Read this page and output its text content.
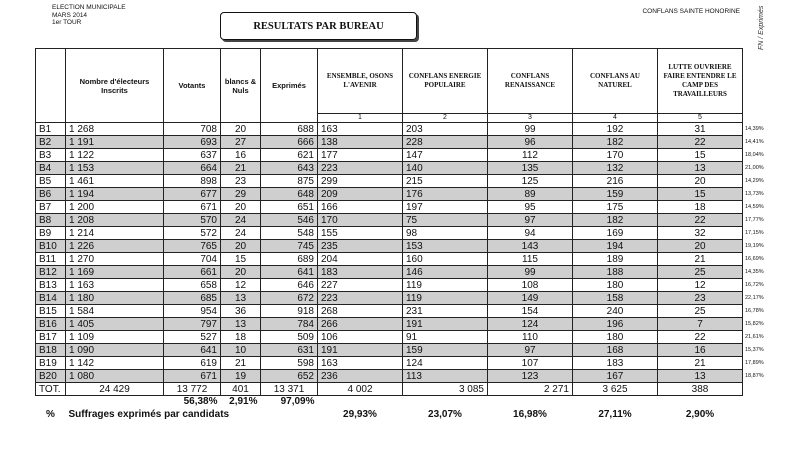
ELECTION MUNICIPALE
MARS 2014
1er TOUR
CONFLANS SAINTE HONORINE
RESULTATS PAR BUREAU	FN / Exprimés
	Nombre d'électeurs Inscrits	Votants	blancs & Nuls	Exprimés	ENSEMBLE, OSONS L'AVENIR	CONFLANS ENERGIE POPULAIRE	CONFLANS RENAISSANCE	CONFLANS AU NATUREL	LUTTE OUVRIERE FAIRE ENTENDRE LE CAMP DES TRAVAILLEURS	
					1	2	3	4	5	
B1	1 268	708	20	688	163	203	99	192	31	14,39%
B2	1 191	693	27	666	138	228	96	182	22	14,41%
B3	1 122	637	16	621	177	147	112	170	15	18,04%
B4	1 153	664	21	643	223	140	135	132	13	21,00%
B5	1 461	898	23	875	299	215	125	216	20	14,29%
B6	1 194	677	29	648	209	176	89	159	15	13,73%
B7	1 200	671	20	651	166	197	95	175	18	14,59%
B8	1 208	570	24	546	170	75	97	182	22	17,77%
B9	1 214	572	24	548	155	98	94	169	32	17,15%
B10	1 226	765	20	745	235	153	143	194	20	19,19%
B11	1 270	704	15	689	204	160	115	189	21	16,69%
B12	1 169	661	20	641	183	146	99	188	25	14,35%
B13	1 163	658	12	646	227	119	108	180	12	16,72%
B14	1 180	685	13	672	223	119	149	158	23	22,17%
B15	1 584	954	36	918	268	231	154	240	25	16,78%
B16	1 405	797	13	784	266	191	124	196	7	15,82%
B17	1 109	527	18	509	106	91	110	180	22	21,61%
B18	1 090	641	10	631	191	159	97	168	16	15,37%
B19	1 142	619	21	598	163	124	107	183	21	17,89%
B20	1 080	671	19	652	236	113	123	167	13	18,87%
TOT.	24 429	13 772	401	13 371	4 002	3 085	2 271	3 625	388	
		56,38%	2,91%	97,09%						
%	Suffrages exprimés par candidats				29,93%	23,07%	16,98%	27,11%	2,90%	
